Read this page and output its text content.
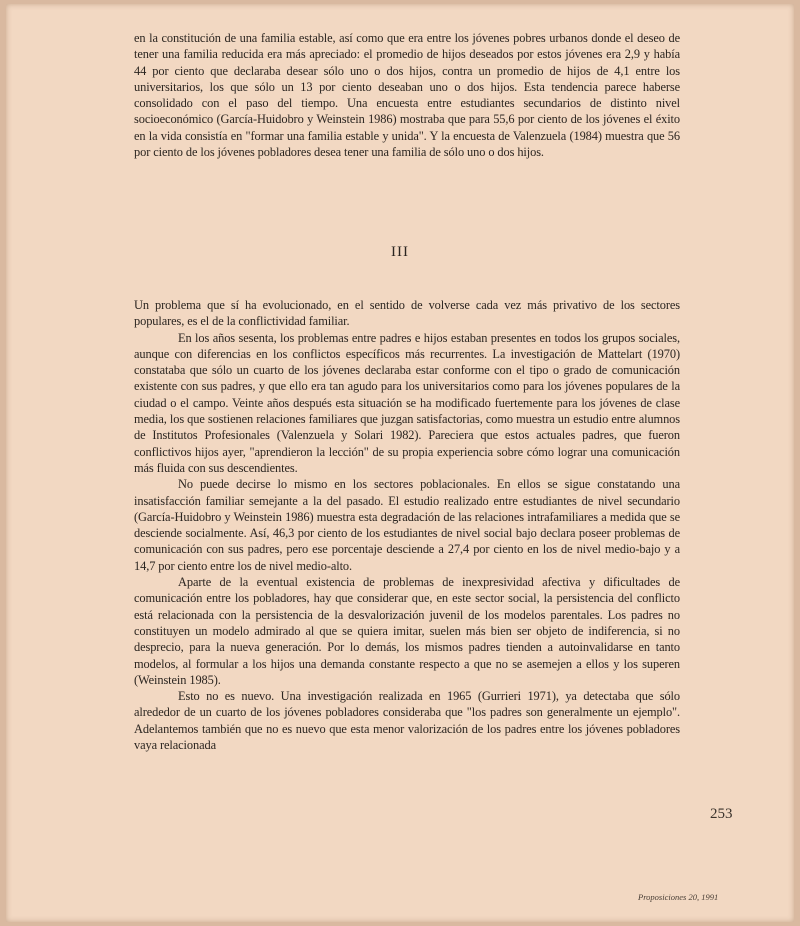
en la constitución de una familia estable, así como que era entre los jóvenes pobres urbanos donde el deseo de tener una familia reducida era más apreciado: el promedio de hijos deseados por estos jóvenes era 2,9 y había 44 por ciento que declaraba desear sólo uno o dos hijos, contra un promedio de hijos de 4,1 entre los universitarios, los que sólo un 13 por ciento deseaban uno o dos hijos. Esta tendencia parece haberse consolidado con el paso del tiempo. Una encuesta entre estudiantes secundarios de distinto nivel socioeconómico (García-Huidobro y Weinstein 1986) mostraba que para 55,6 por ciento de los jóvenes el éxito en la vida consistía en "formar una familia estable y unida". Y la encuesta de Valenzuela (1984) muestra que 56 por ciento de los jóvenes pobladores desea tener una familia de sólo uno o dos hijos.

III

Un problema que sí ha evolucionado, en el sentido de volverse cada vez más privativo de los sectores populares, es el de la conflictividad familiar.

En los años sesenta, los problemas entre padres e hijos estaban presentes en todos los grupos sociales, aunque con diferencias en los conflictos específicos más recurrentes. La investigación de Mattelart (1970) constataba que sólo un cuarto de los jóvenes declaraba estar conforme con el tipo o grado de comunicación existente con sus padres, y que ello era tan agudo para los universitarios como para los jóvenes populares de la ciudad o el campo. Veinte años después esta situación se ha modificado fuertemente para los jóvenes de clase media, los que sostienen relaciones familiares que juzgan satisfactorias, como muestra un estudio entre alumnos de Institutos Profesionales (Valenzuela y Solari 1982). Pareciera que estos actuales padres, que fueron conflictivos hijos ayer, "aprendieron la lección" de su propia experiencia sobre cómo lograr una comunicación más fluida con sus descendientes.

No puede decirse lo mismo en los sectores poblacionales. En ellos se sigue constatando una insatisfacción familiar semejante a la del pasado. El estudio realizado entre estudiantes de nivel secundario (García-Huidobro y Weinstein 1986) muestra esta degradación de las relaciones intrafamiliares a medida que se desciende socialmente. Así, 46,3 por ciento de los estudiantes de nivel social bajo declara poseer problemas de comunicación con sus padres, pero ese porcentaje desciende a 27,4 por ciento en los de nivel medio-bajo y a 14,7 por ciento entre los de nivel medio-alto.

Aparte de la eventual existencia de problemas de inexpresividad afectiva y dificultades de comunicación entre los pobladores, hay que considerar que, en este sector social, la persistencia del conflicto está relacionada con la persistencia de la desvalorización juvenil de los modelos parentales. Los padres no constituyen un modelo admirado al que se quiera imitar, suelen más bien ser objeto de indiferencia, si no desprecio, para la nueva generación. Por lo demás, los mismos padres tienden a autoinvalidarse en tanto modelos, al formular a los hijos una demanda constante respecto a que no se asemejen a ellos y los superen (Weinstein 1985).

Esto no es nuevo. Una investigación realizada en 1965 (Gurrieri 1971), ya detectaba que sólo alrededor de un cuarto de los jóvenes pobladores consideraba que "los padres son generalmente un ejemplo". Adelantemos también que no es nuevo que esta menor valorización de los padres entre los jóvenes pobladores vaya relacionada

253
Proposiciones 20, 1991
